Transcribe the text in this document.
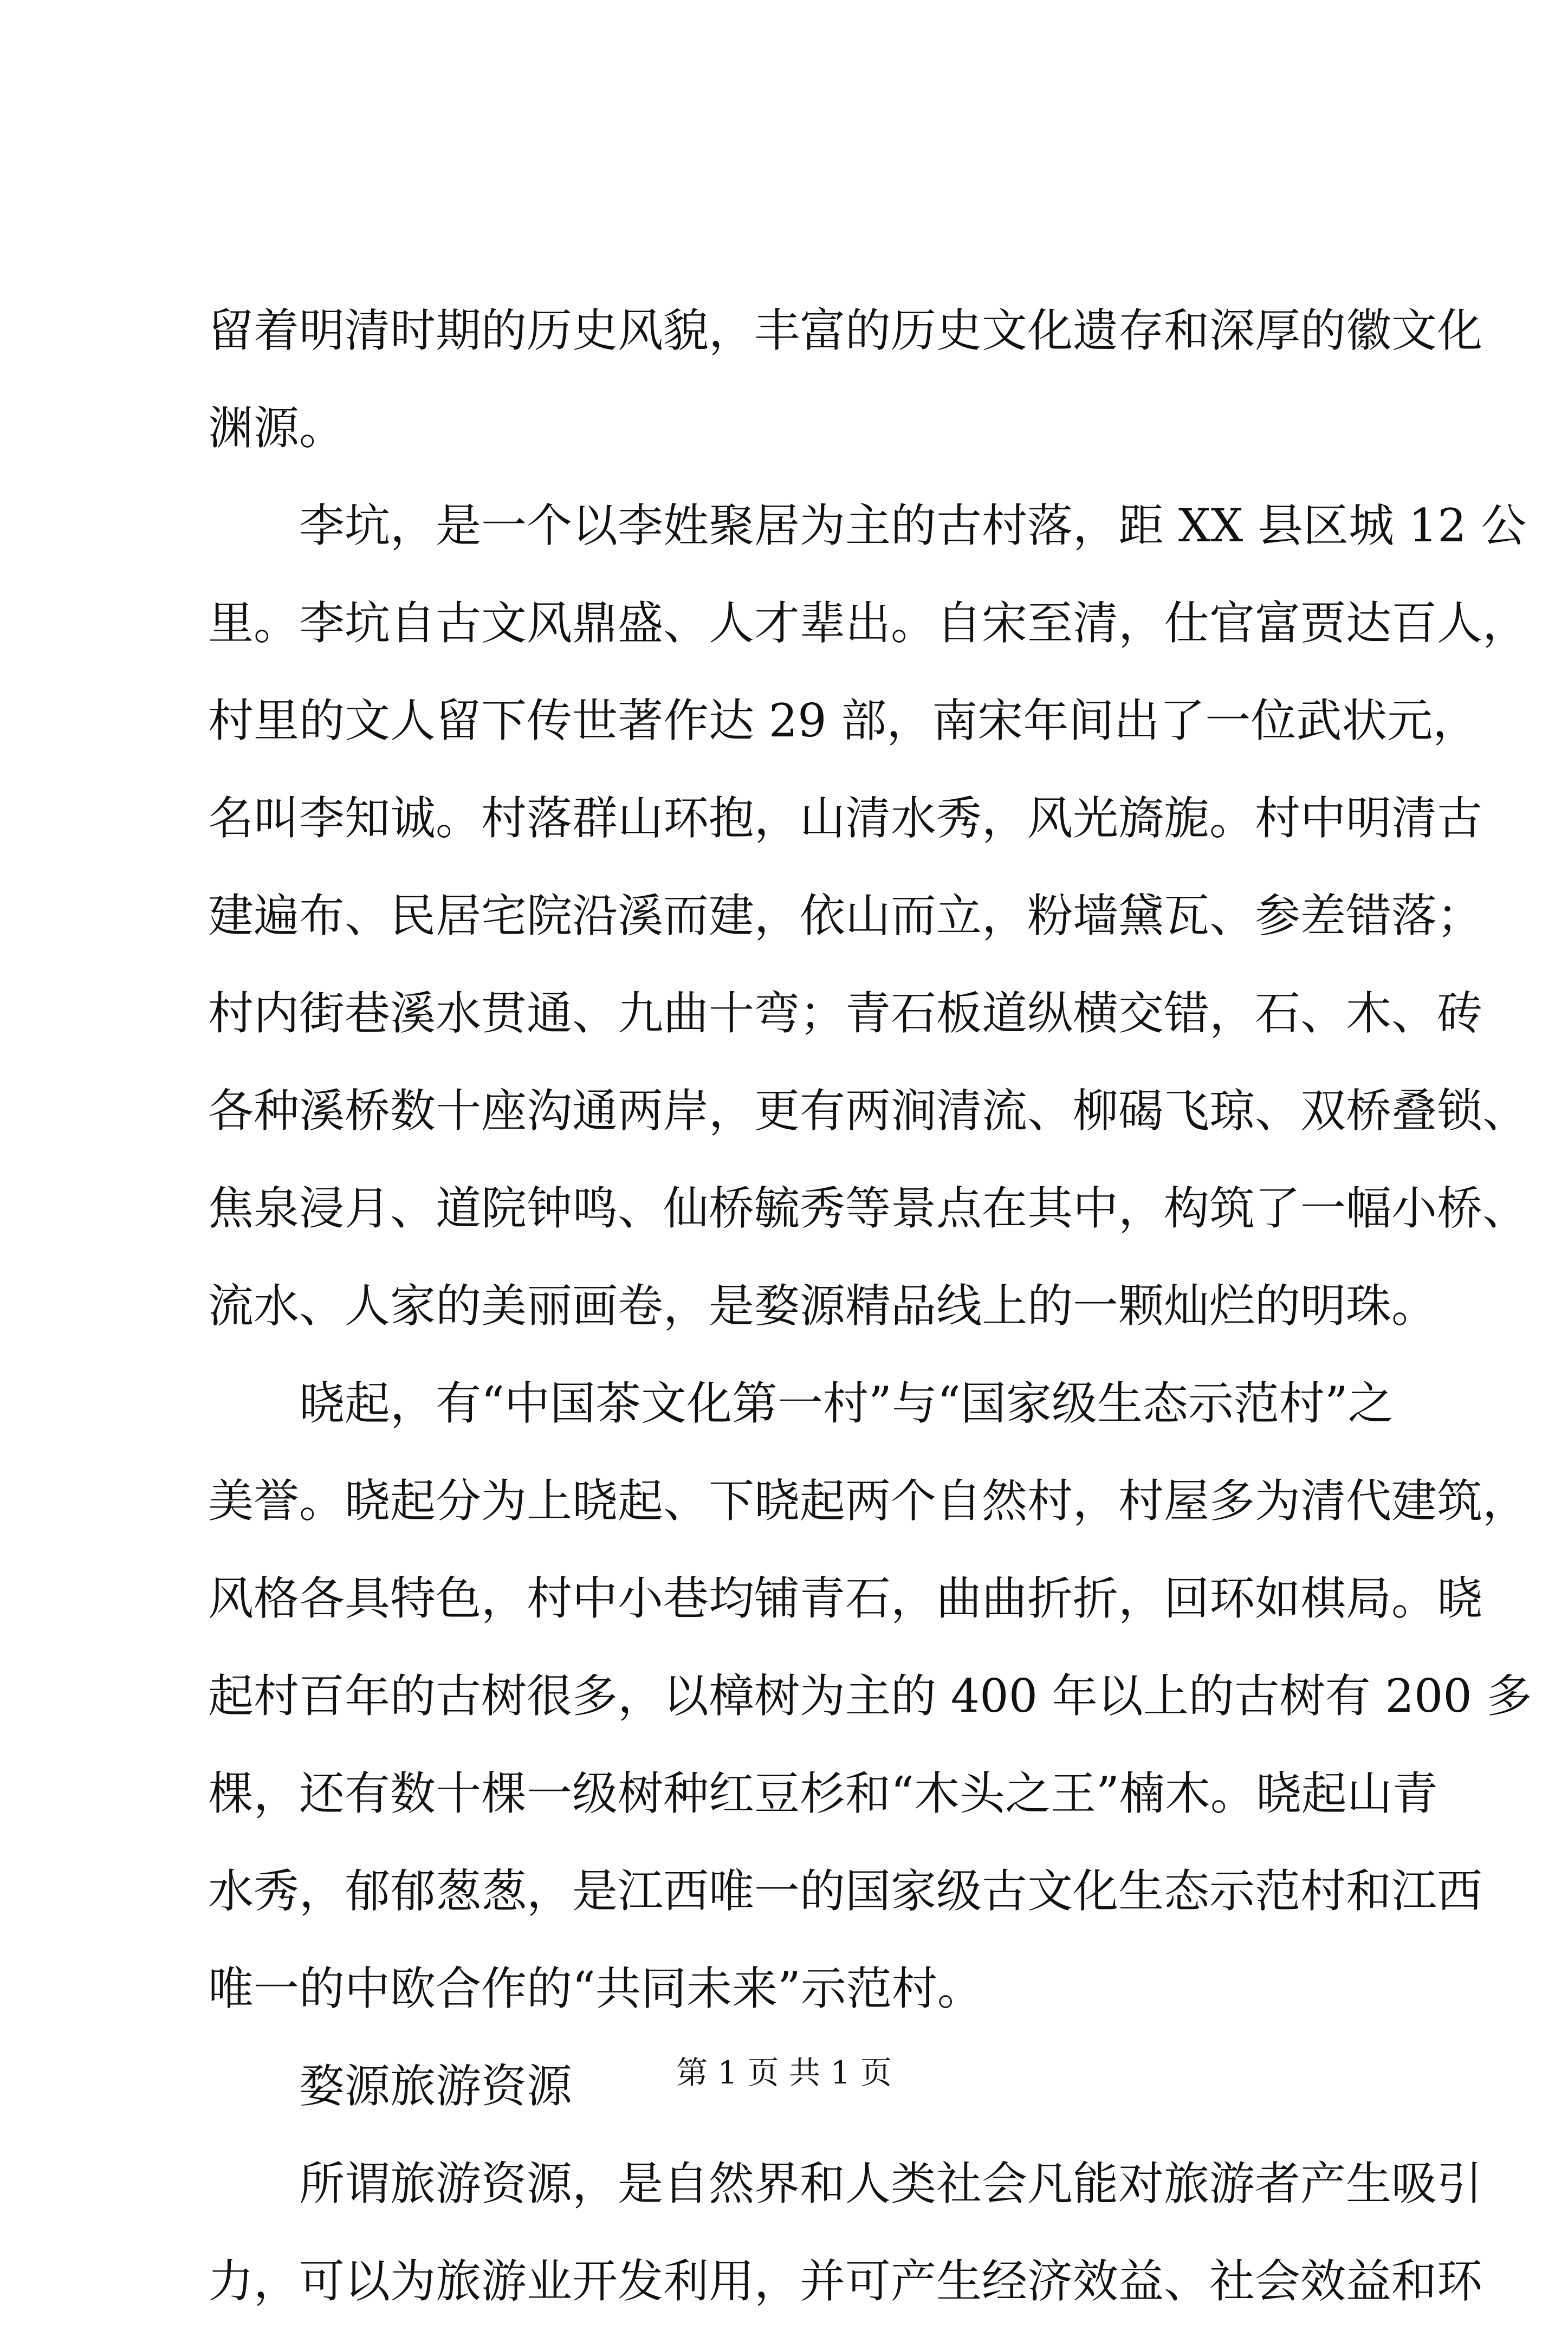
留着明清时期的历史风貌，丰富的历史文化遗存和深厚的徽文化
渊源。
李坑，是一个以李姓聚居为主的古村落，距 XX 县区城 12 公
里。李坑自古文风鼎盛、人才辈出。自宋至清，仕官富贾达百人，
村里的文人留下传世著作达 29 部，南宋年间出了一位武状元，
名叫李知诚。村落群山环抱，山清水秀，风光旖旎。村中明清古
建遍布、民居宅院沿溪而建，依山而立，粉墙黛瓦、参差错落；
村内街巷溪水贯通、九曲十弯；青石板道纵横交错，石、木、砖
各种溪桥数十座沟通两岸，更有两涧清流、柳碣飞琼、双桥叠锁、
焦泉浸月、道院钟鸣、仙桥毓秀等景点在其中，构筑了一幅小桥、
流水、人家的美丽画卷，是婺源精品线上的一颗灿烂的明珠。
晓起，有“中国茶文化第一村”与“国家级生态示范村”之
美誉。晓起分为上晓起、下晓起两个自然村，村屋多为清代建筑，
风格各具特色，村中小巷均铺青石，曲曲折折，回环如棋局。晓
起村百年的古树很多，以樟树为主的 400 年以上的古树有 200 多
棵，还有数十棵一级树种红豆杉和“木头之王”楠木。晓起山青
水秀，郁郁葱葱，是江西唯一的国家级古文化生态示范村和江西
唯一的中欧合作的“共同未来”示范村。
婺源旅游资源
所谓旅游资源，是自然界和人类社会凡能对旅游者产生吸引
力，可以为旅游业开发利用，并可产生经济效益、社会效益和环
第 1 页 共 1 页
